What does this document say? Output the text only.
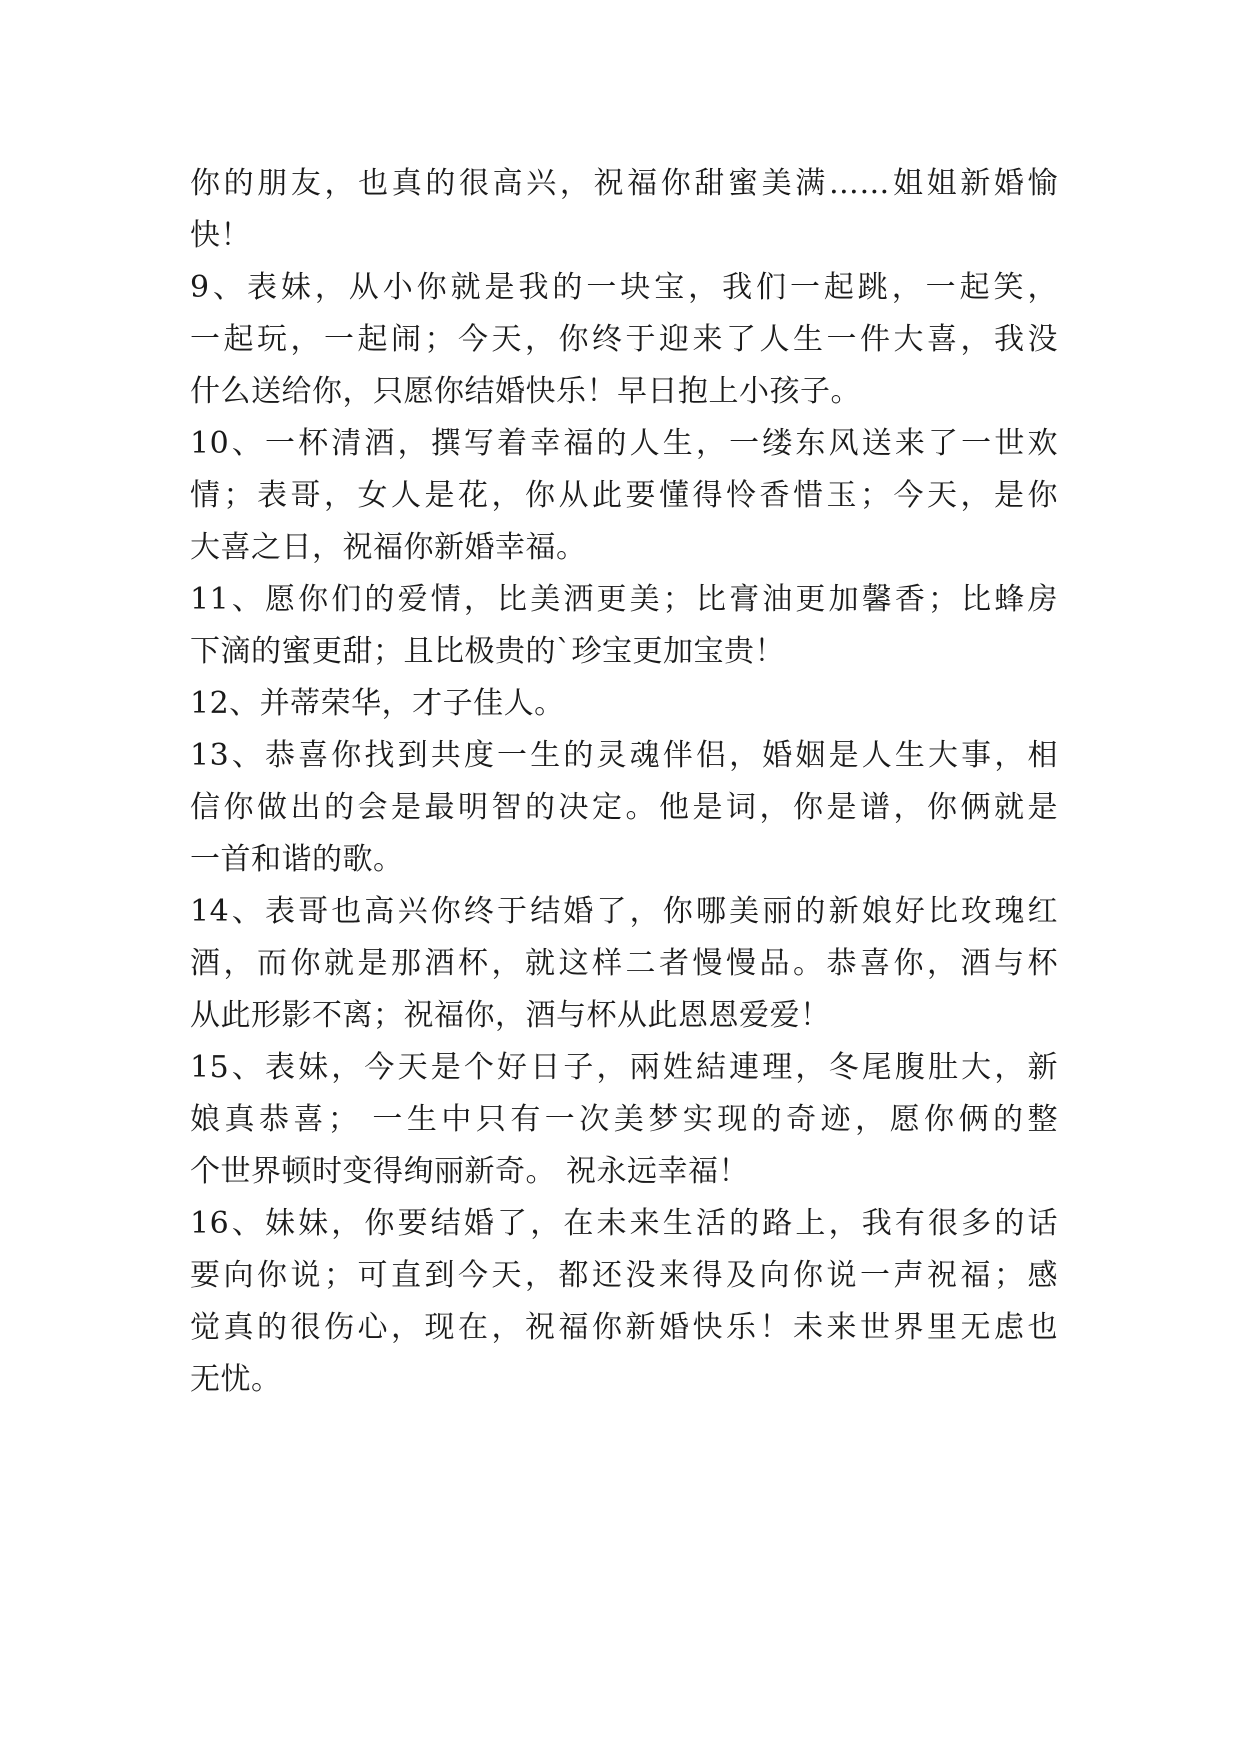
你的朋友，也真的很高兴，祝福你甜蜜美满……姐姐新婚愉
快！
9、表妹，从小你就是我的一块宝，我们一起跳，一起笑，
一起玩，一起闹；今天，你终于迎来了人生一件大喜，我没
什么送给你，只愿你结婚快乐！早日抱上小孩子。
10、一杯清酒，撰写着幸福的人生，一缕东风送来了一世欢
情；表哥，女人是花，你从此要懂得怜香惜玉；今天，是你
大喜之日，祝福你新婚幸福。
11、愿你们的爱情，比美洒更美；比膏油更加馨香；比蜂房
下滴的蜜更甜；且比极贵的`珍宝更加宝贵！
12、并蒂荣华，才子佳人。
13、恭喜你找到共度一生的灵魂伴侣，婚姻是人生大事，相
信你做出的会是最明智的决定。他是词，你是谱，你俩就是
一首和谐的歌。
14、表哥也高兴你终于结婚了，你哪美丽的新娘好比玫瑰红
酒，而你就是那酒杯，就这样二者慢慢品。恭喜你，酒与杯
从此形影不离；祝福你，酒与杯从此恩恩爱爱！
15、表妹，今天是个好日子，兩姓結連理，冬尾腹肚大，新
娘真恭喜； 一生中只有一次美梦实现的奇迹，愿你俩的整
个世界顿时变得绚丽新奇。 祝永远幸福！
16、妹妹，你要结婚了，在未来生活的路上，我有很多的话
要向你说；可直到今天，都还没来得及向你说一声祝福；感
觉真的很伤心，现在，祝福你新婚快乐！未来世界里无虑也
无忧。
